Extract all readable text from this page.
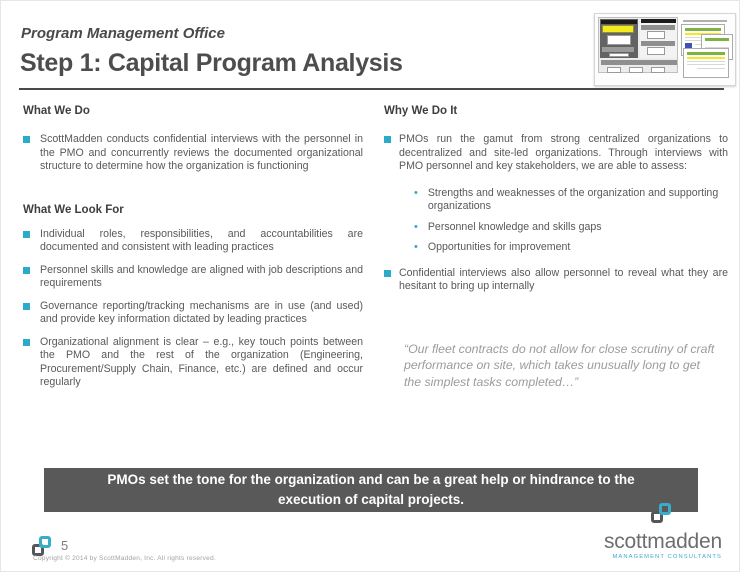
Program Management Office
Step 1: Capital Program Analysis
What We Do

ScottMadden conducts confidential interviews with the personnel in the PMO and concurrently reviews the documented organizational structure to determine how the organization is functioning

What We Look For

Individual roles, responsibilities, and accountabilities are documented and consistent with leading practices

Personnel skills and knowledge are aligned with job descriptions and requirements

Governance reporting/tracking mechanisms are in use (and used) and provide key information dictated by leading practices

Organizational alignment is clear – e.g., key touch points between the PMO and the rest of the organization (Engineering, Procurement/Supply Chain, Finance, etc.) are defined and occur regularly

Why We Do It

PMOs run the gamut from strong centralized organizations to decentralized and site-led organizations. Through interviews with PMO personnel and key stakeholders, we are able to assess:

• Strengths and weaknesses of the organization and supporting organizations

• Personnel knowledge and skills gaps

• Opportunities for improvement

Confidential interviews also allow personnel to reveal what they are hesitant to bring up internally

“Our fleet contracts do not allow for close scrutiny of craft performance on site, which takes unusually long to get the simplest tasks completed…”

PMOs set the tone for the organization and can be a great help or hindrance to the execution of capital projects.

5
Copyright © 2014 by ScottMadden, Inc. All rights reserved.
scottmadden
MANAGEMENT CONSULTANTS
